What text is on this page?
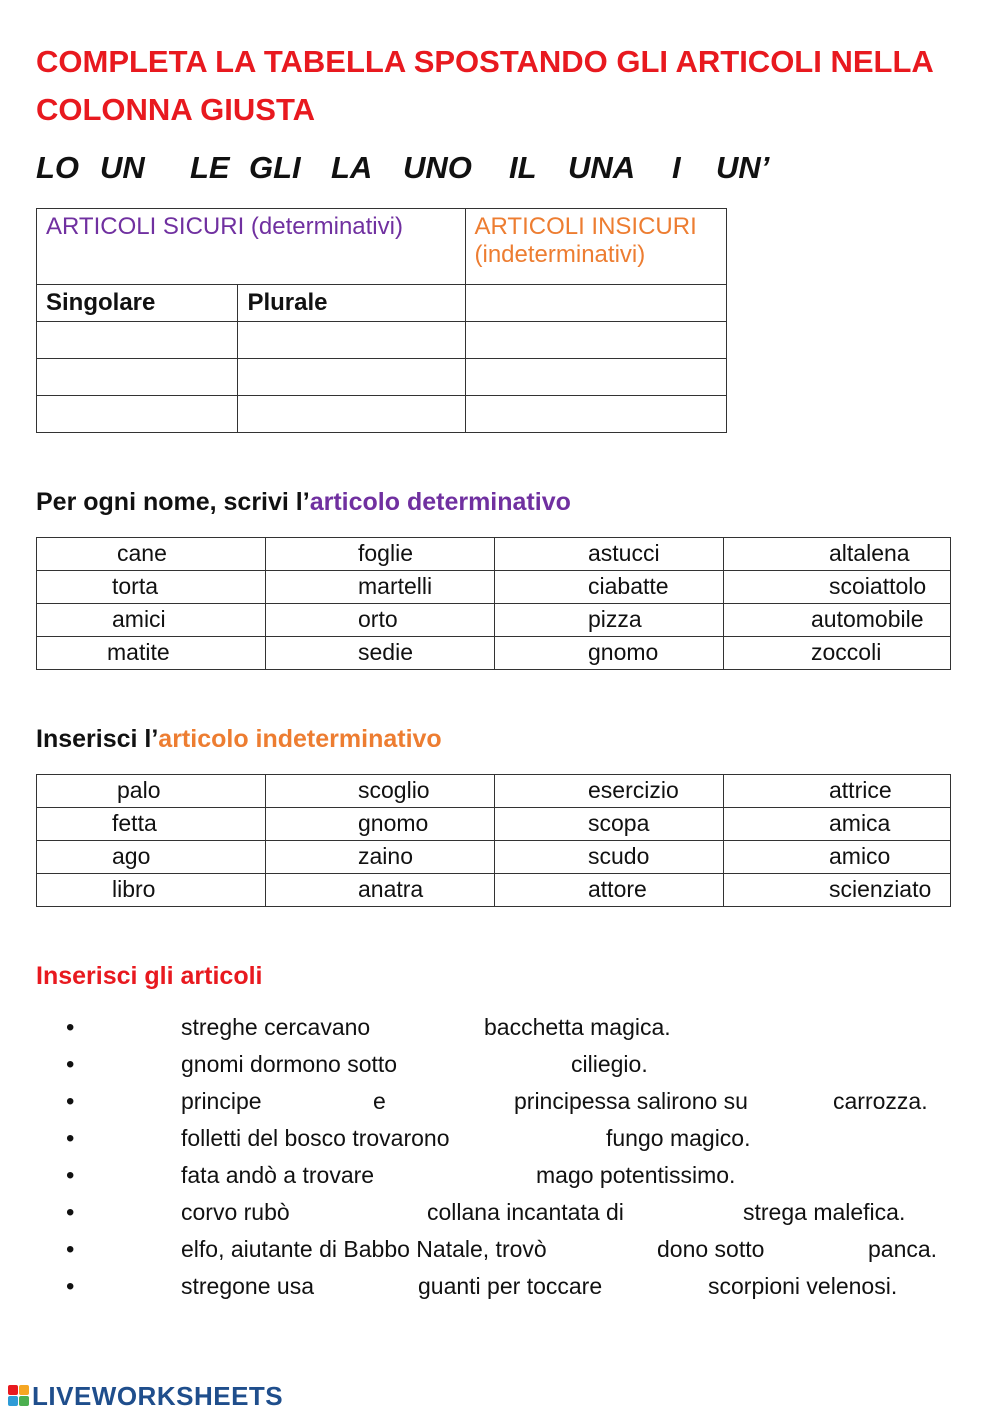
COMPLETA LA TABELLA SPOSTANDO GLI ARTICOLI NELLA COLONNA GIUSTA
LO UN LE GLI LA UNO IL UNA I UN’
ARTICOLI SICURI (determinativi)		ARTICOLI INSICURI
(indeterminativi)

Singolare	Plurale	

Per ogni nome, scrivi l’articolo determinativo
cane	foglie	astucci	altalena

torta	martelli	ciabatte	scoiattolo

amici	orto	pizza	automobile

matite	sedie	gnomo	zoccoli
Inserisci l’articolo indeterminativo
palo	scoglio	esercizio	attrice

fetta	gnomo	scopa	amica

ago	zaino	scudo	amico

libro	anatra	attore	scienziato
Inserisci gli articoli
•	streghe cercavano	bacchetta magica.
•	gnomi dormono sotto	ciliegio.
•	principe	e	principessa salirono su	carrozza.
•	folletti del bosco trovarono	fungo magico.
•	fata andò a trovare	mago potentissimo.
•	corvo rubò	collana incantata di	strega malefica.
•	elfo, aiutante di Babbo Natale, trovò	dono sotto	panca.
•	stregone usa	guanti per toccare	scorpioni velenosi.
LIVEWORKSHEETS
